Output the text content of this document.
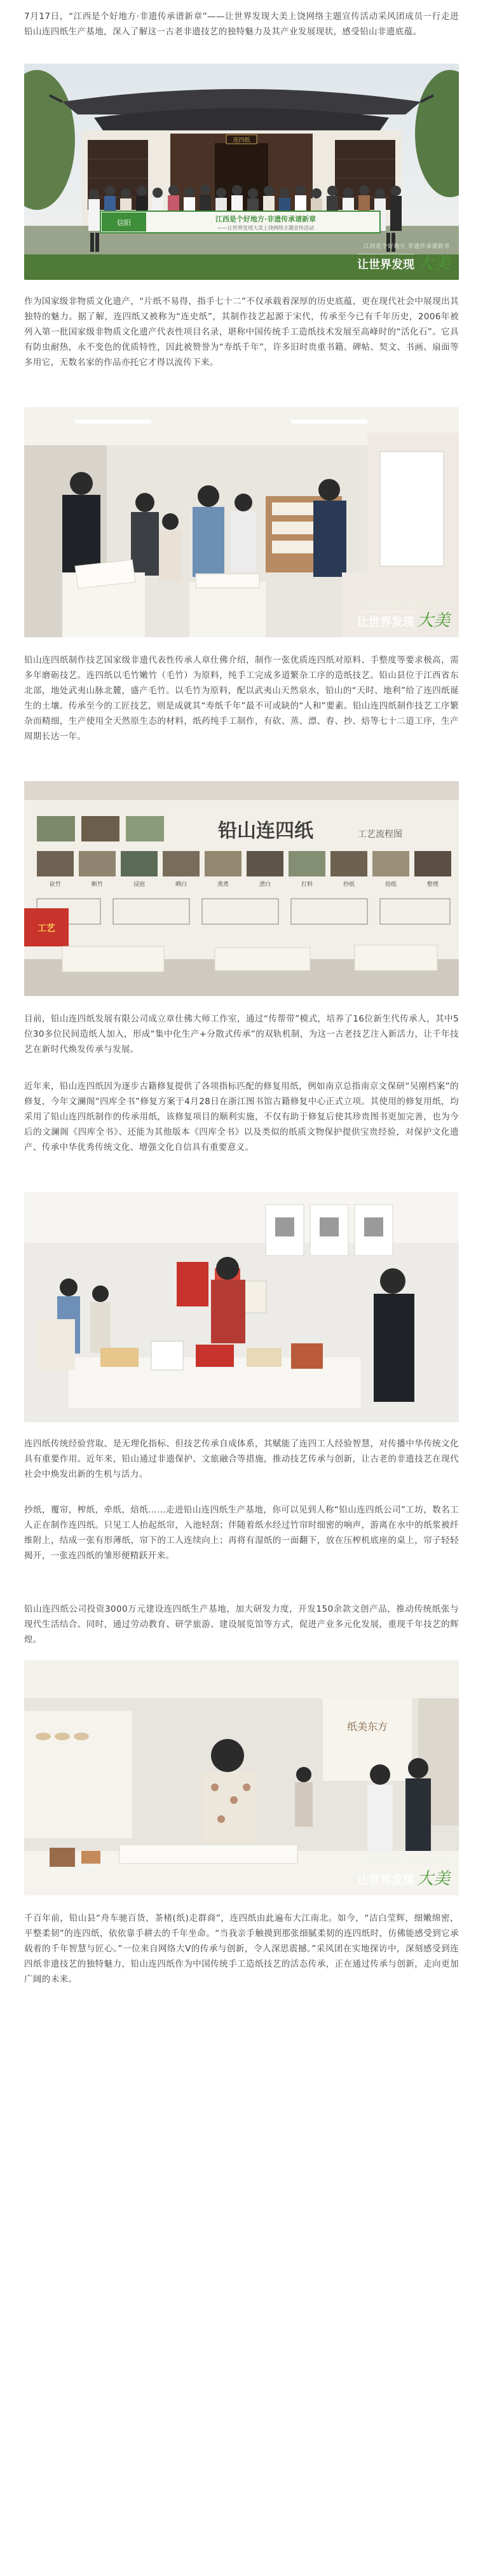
7月17日，“江西是个好地方·非遗传承谱新章”——让世界发现大美上饶网络主题宣传活动采风团成员一行走进铅山连四纸生产基地，深入了解这一古老非遗技艺的独特魅力及其产业发展现状，感受铅山非遗底蕴。

连四纸
信阳	江西是个好地方·非遗传承谱新章
——让世界发现大美上饶网络主题宣传活动
江西是个好地方 非遗传承谱新章
让世界发现 大美

作为国家级非物质文化遗产，“片纸不易得，指手七十二”不仅承载着深厚的历史底蕴，更在现代社会中展现出其独特的魅力。据了解，连四纸又被称为“连史纸”，其制作技艺起源于宋代，传承至今已有千年历史，2006年被列入第一批国家级非物质文化遗产代表性项目名录，堪称中国传统手工造纸技术发展至高峰时的“活化石”。它具有防虫耐热，永不变色的优质特性，因此被赞誉为“寿纸千年”，许多旧时贵重书籍、碑帖、契文、书画、扇面等多用它，无数名家的作品亦托它才得以流传下来。

江西是个好地方 非遗传承谱新章
让世界发现 大美

铅山连四纸制作技艺国家级非遗代表性传承人章仕佛介绍，制作一张优质连四纸对原料、手整度等要求极高，需多年磨砺技艺。连四纸以毛竹嫩竹（毛竹）为原料，纯手工完成多道繁杂工序的造纸技艺。铅山县位于江西省东北部，地处武夷山脉北麓，盛产毛竹。以毛竹为原料，配以武夷山天然泉水，铅山的“天时、地利”给了连四纸诞生的土壤。传承至今的工匠技艺，则是成就其“寿纸千年”最不可或缺的“人和”要素。铅山连四纸制作技艺工序繁杂而精细，生产使用全天然原生态的材料，纸药纯手工制作，有砍、蒸、漂、春、抄、焙等七十二道工序，生产周期长达一年。

铅山连四纸	工艺流程图
砍竹	断竹	浸泡	晒白	蒸煮	漂白	打料	抄纸	焙纸	整理
工艺

目前，铅山连四纸发展有限公司成立章仕佛大师工作室，通过“传帮带”模式，培养了16位新生代传承人，其中5位30多位民间造纸人加入，形成“集中化生产+分散式传承”的双轨机制，为这一古老技艺注入新活力，让千年技艺在新时代焕发传承与发展。

近年来，铅山连四纸因为逐步古籍修复提供了各项指标匹配的修复用纸，例如南京总指南京文保研“吴刚档案”的修复，今年文澜阁“四库全书”修复方案于4月28日在浙江图书馆古籍修复中心正式立项。其使用的修复用纸，均采用了铅山连四纸制作的传承用纸，该修复项目的顺利实施，不仅有助于修复后使其珍贵图书更加完善，也为今后的文澜阁《四库全书》、还能为其他版本《四库全书》以及类似的纸质文物保护提供宝贵经验，对保护文化遗产、传承中华优秀传统文化、增强文化自信具有重要意义。

连四纸传统经验营取、是无理化指标、但技艺传承自成体系，其赋能了连四工人经验智慧，对传播中华传统文化具有重要作用。近年来，铅山通过非遗保护、文旅融合等措施，推动技艺传承与创新，让古老的非遗技艺在现代社会中焕发出新的生机与活力。

抄纸，覆帘，榨纸，牵纸，焙纸……走进铅山连四纸生产基地，你可以见到人称“铅山连四纸公司”工坊，数名工人正在制作连四纸。只见工人抬起纸帘，入池轻刮；伴随着纸水经过竹帘时细密的响声，游离在水中的纸浆被纤维附上，结成一张有形薄纸，帘下的工人连续向上；再将有湿纸的一面翻下，放在压榨机底座的桌上，帘子轻轻揭开，一张连四纸的雏形便精跃开来。

铅山连四纸公司投资3000万元建设连四纸生产基地，加大研发力度，开发150余款文创产品，推动传统纸张与现代生活结合。同时，通过劳动教育、研学旅游、建设展览馆等方式，促进产业多元化发展，重现千年技艺的辉煌。

纸美东方
江西是个好地方 非遗传承谱新章
让世界发现 大美

千百年前，铅山县“舟车驰百货，茶楮(纸)走群商”，连四纸由此遍布大江南北。如今，“洁白莹辉，细嫩绵密，平整柔韧”的连四纸，依依靠手耕去的千年坐命。“当我亲手触摸到那张细腻柔韧的连四纸时，仿佛能感受到它承载着的千年智慧与匠心。”一位来自网络大V的传承与创新，令人深思震撼。”采风团在实地探访中，深刻感受到连四纸非遗技艺的独特魅力，铅山连四纸作为中国传统手工造纸技艺的活态传承，正在通过传承与创新，走向更加广阔的未来。
